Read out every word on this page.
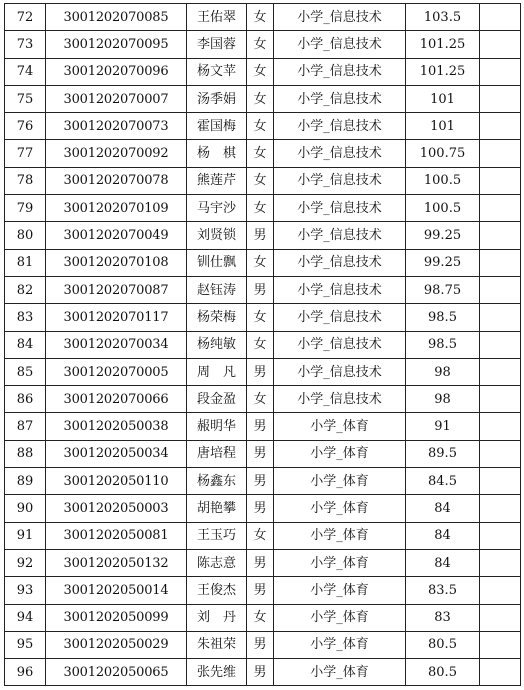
72	3001202070085	王佑翠	女	小学_信息技术	103.5	
73	3001202070095	李国蓉	女	小学_信息技术	101.25	
74	3001202070096	杨文苹	女	小学_信息技术	101.25	
75	3001202070007	汤季娟	女	小学_信息技术	101	
76	3001202070073	霍国梅	女	小学_信息技术	101	
77	3001202070092	杨　棋	女	小学_信息技术	100.75	
78	3001202070078	熊莲芹	女	小学_信息技术	100.5	
79	3001202070109	马宇沙	女	小学_信息技术	100.5	
80	3001202070049	刘贤锁	男	小学_信息技术	99.25	
81	3001202070108	钏仕飘	女	小学_信息技术	99.25	
82	3001202070087	赵钰涛	男	小学_信息技术	98.75	
83	3001202070117	杨荣梅	女	小学_信息技术	98.5	
84	3001202070034	杨纯敏	女	小学_信息技术	98.5	
85	3001202070005	周　凡	男	小学_信息技术	98	
86	3001202070066	段金盈	女	小学_信息技术	98	
87	3001202050038	赧明华	男	小学_体育	91	
88	3001202050034	唐培程	男	小学_体育	89.5	
89	3001202050110	杨鑫东	男	小学_体育	84.5	
90	3001202050003	胡艳攀	男	小学_体育	84	
91	3001202050081	王玉巧	女	小学_体育	84	
92	3001202050132	陈志意	男	小学_体育	84	
93	3001202050014	王俊杰	男	小学_体育	83.5	
94	3001202050099	刘　丹	女	小学_体育	83	
95	3001202050029	朱祖荣	男	小学_体育	80.5	
96	3001202050065	张先维	男	小学_体育	80.5	
